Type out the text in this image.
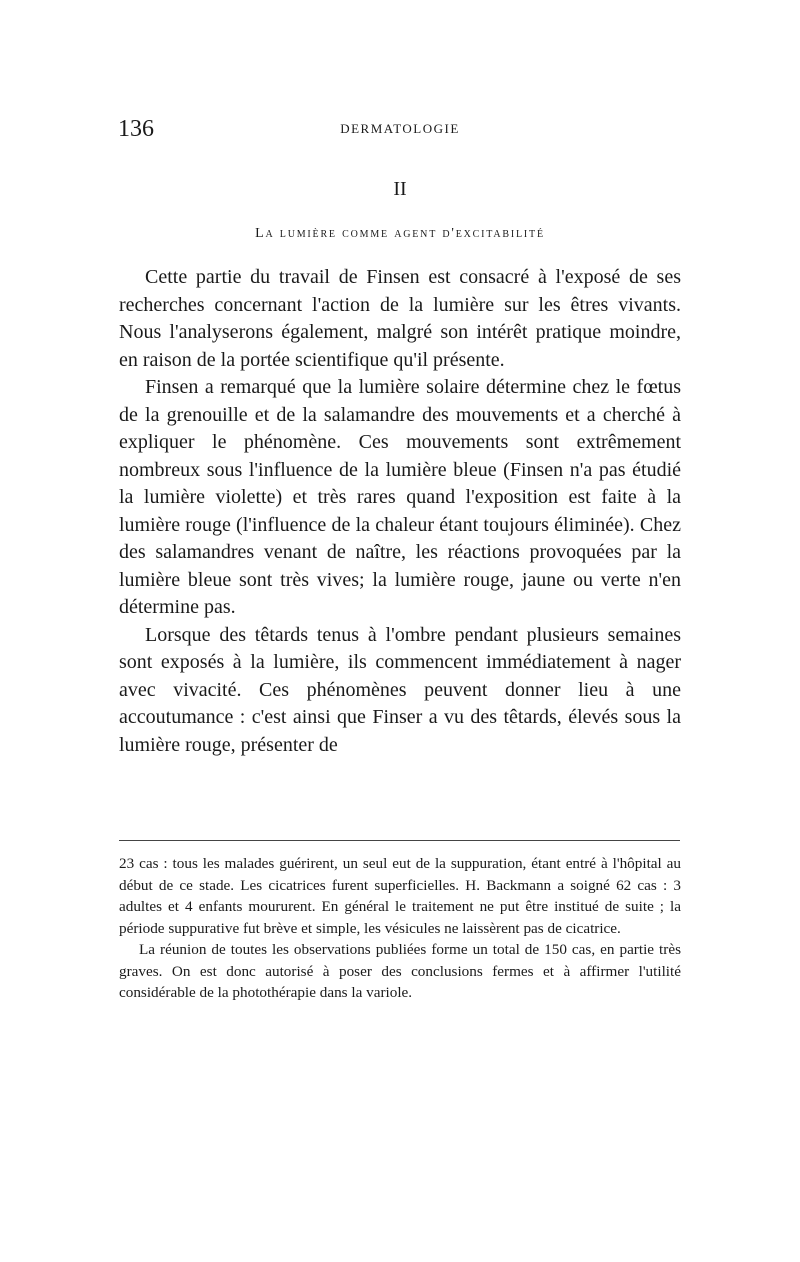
136	DERMATOLOGIE
II
La lumière comme agent d'excitabilité

Cette partie du travail de Finsen est consacré à l'exposé de ses recherches concernant l'action de la lumière sur les êtres vivants. Nous l'analyserons également, malgré son intérêt pratique moindre, en raison de la portée scientifique qu'il présente.

Finsen a remarqué que la lumière solaire détermine chez le fœtus de la grenouille et de la salamandre des mouvements et a cherché à expliquer le phénomène. Ces mouvements sont extrêmement nombreux sous l'influence de la lumière bleue (Finsen n'a pas étudié la lumière violette) et très rares quand l'exposition est faite à la lumière rouge (l'influence de la chaleur étant toujours éliminée). Chez des salamandres venant de naître, les réactions provoquées par la lumière bleue sont très vives; la lumière rouge, jaune ou verte n'en détermine pas.

Lorsque des têtards tenus à l'ombre pendant plusieurs semaines sont exposés à la lumière, ils commencent immédiatement à nager avec vivacité. Ces phénomènes peuvent donner lieu à une accoutumance : c'est ainsi que Finser a vu des têtards, élevés sous la lumière rouge, présenter de

23 cas : tous les malades guérirent, un seul eut de la suppuration, étant entré à l'hôpital au début de ce stade. Les cicatrices furent superficielles. H. Backmann a soigné 62 cas : 3 adultes et 4 enfants moururent. En général le traitement ne put être institué de suite ; la période suppurative fut brève et simple, les vésicules ne laissèrent pas de cicatrice.

La réunion de toutes les observations publiées forme un total de 150 cas, en partie très graves. On est donc autorisé à poser des conclusions fermes et à affirmer l'utilité considérable de la photothérapie dans la variole.
